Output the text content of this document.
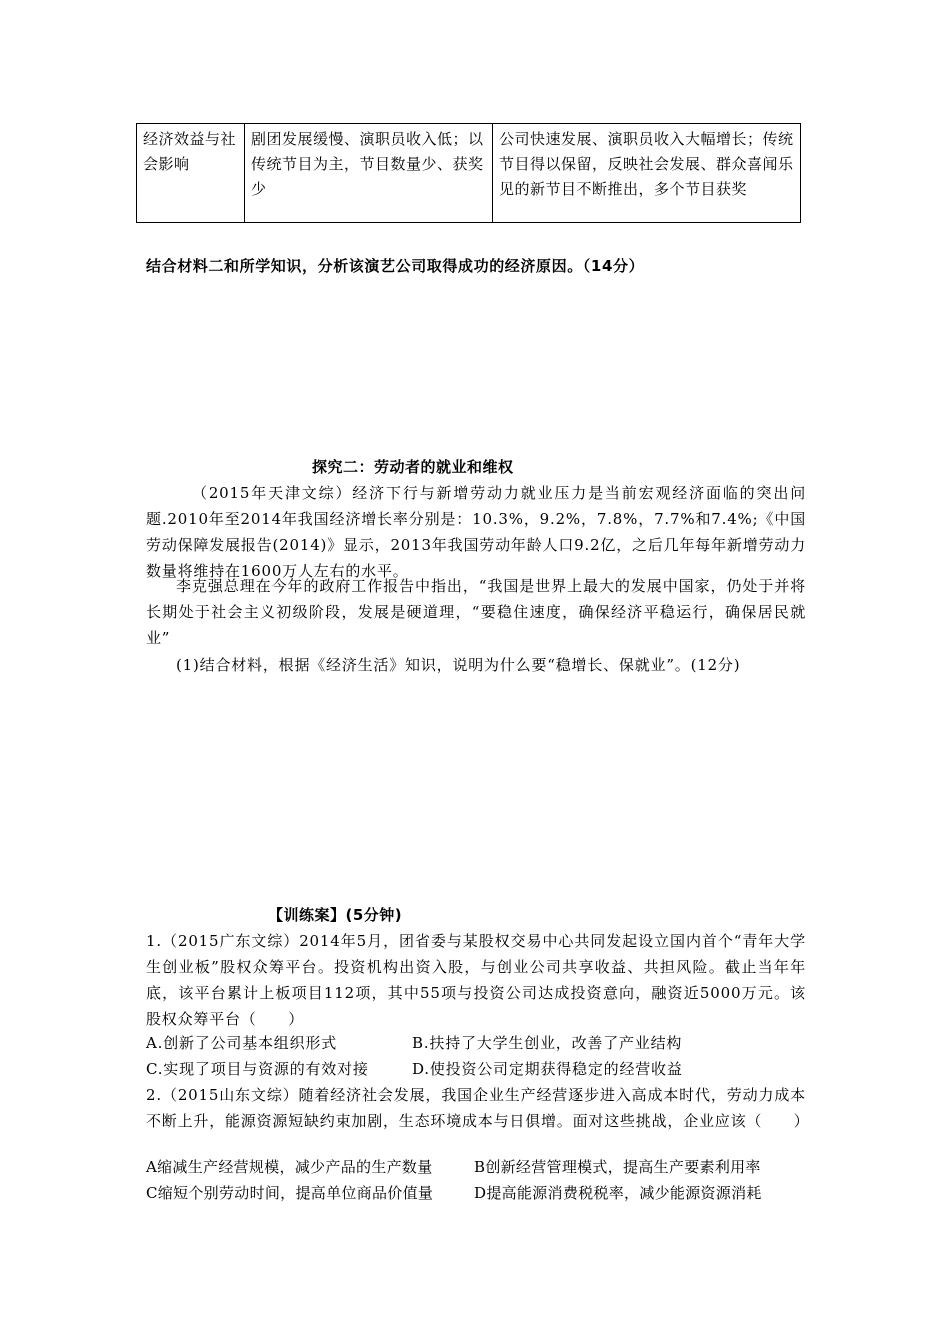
经济效益与社会影响	剧团发展缓慢、演职员收入低；以传统节目为主，节目数量少、获奖少	公司快速发展、演职员收入大幅增长；传统节目得以保留，反映社会发展、群众喜闻乐见的新节目不断推出，多个节目获奖
结合材料二和所学知识，分析该演艺公司取得成功的经济原因。（14分）
探究二：劳动者的就业和维权
（2015年天津文综）经济下行与新增劳动力就业压力是当前宏观经济面临的突出问题.2010年至2014年我国经济增长率分别是：10.3%，9.2%，7.8%，7.7%和7.4%;《中国劳动保障发展报告(2014)》显示，2013年我国劳动年龄人口9.2亿，之后几年每年新增劳动力数量将维持在1600万人左右的水平。
李克强总理在今年的政府工作报告中指出，“我国是世界上最大的发展中国家，仍处于并将长期处于社会主义初级阶段，发展是硬道理，“要稳住速度，确保经济平稳运行，确保居民就业”
(1)结合材料，根据《经济生活》知识，说明为什么要“稳增长、保就业”。(12分)
【训练案】(5分钟)
1.（2015广东文综）2014年5月，团省委与某股权交易中心共同发起设立国内首个“青年大学生创业板”股权众筹平台。投资机构出资入股，与创业公司共享收益、共担风险。截止当年年底，该平台累计上板项目112项，其中55项与投资公司达成投资意向，融资近5000万元。该股权众筹平台（　　）
A.创新了公司基本组织形式	B.扶持了大学生创业，改善了产业结构
C.实现了项目与资源的有效对接	D.使投资公司定期获得稳定的经营收益
2.（2015山东文综）随着经济社会发展，我国企业生产经营逐步进入高成本时代，劳动力成本不断上升，能源资源短缺约束加剧，生态环境成本与日俱增。面对这些挑战，企业应该（　　）
A缩减生产经营规模，减少产品的生产数量	B创新经营管理模式，提高生产要素利用率
C缩短个别劳动时间，提高单位商品价值量	D提高能源消费税税率，减少能源资源消耗
